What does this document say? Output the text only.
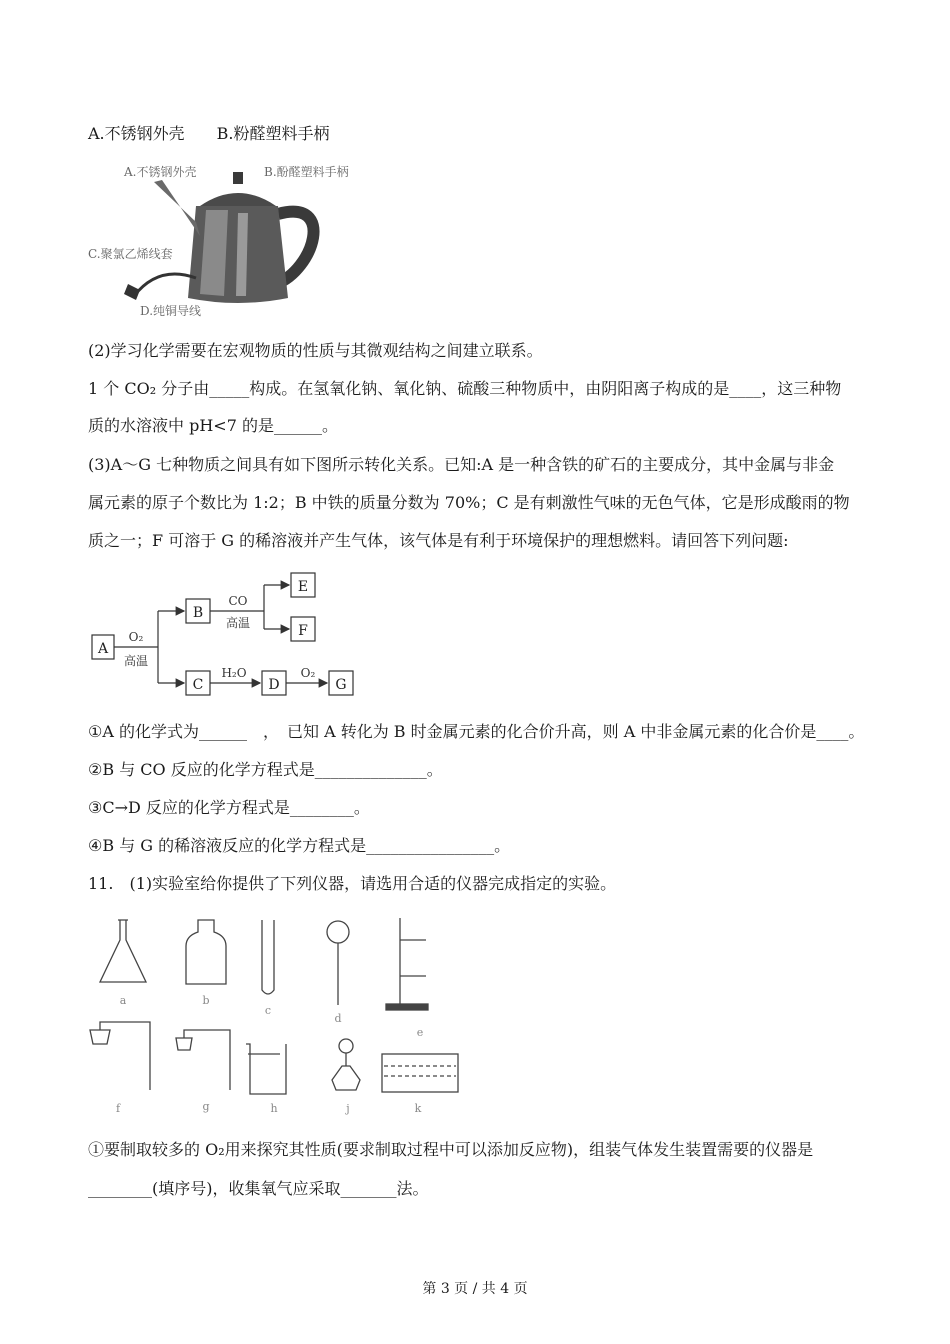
A.不锈钢外壳　　B.粉醛塑料手柄
A.不锈钢外壳	B.酚醛塑料手柄
C.聚氯乙烯线套
D.纯铜导线
(2)学习化学需要在宏观物质的性质与其微观结构之间建立联系。
1 个 CO₂ 分子由_____构成。在氢氧化钠、氧化钠、硫酸三种物质中，由阴阳离子构成的是____，这三种物
质的水溶液中 pH<7 的是______。
(3)A～G 七种物质之间具有如下图所示转化关系。已知:A 是一种含铁的矿石的主要成分，其中金属与非金
属元素的原子个数比为 1:2；B 中铁的质量分数为 70%；C 是有刺激性气味的无色气体，它是形成酸雨的物
质之一；F 可溶于 G 的稀溶液并产生气体，该气体是有利于环境保护的理想燃料。请回答下列问题:
A
B
C
E
F
D	G
O₂
高温
CO
高温
H₂O	O₂
①A 的化学式为______　，　已知 A 转化为 B 时金属元素的化合价升高，则 A 中非金属元素的化合价是____。
②B 与 CO 反应的化学方程式是______________。
③C→D 反应的化学方程式是________。
④B 与 G 的稀溶液反应的化学方程式是________________。
11.　(1)实验室给你提供了下列仪器，请选用合适的仪器完成指定的实验。
a	b
c
d
e
f	g	h	j	k
①要制取较多的 O₂用来探究其性质(要求制取过程中可以添加反应物)，组装气体发生装置需要的仪器是
________(填序号)，收集氧气应采取_______法。
第 3 页 / 共 4 页
